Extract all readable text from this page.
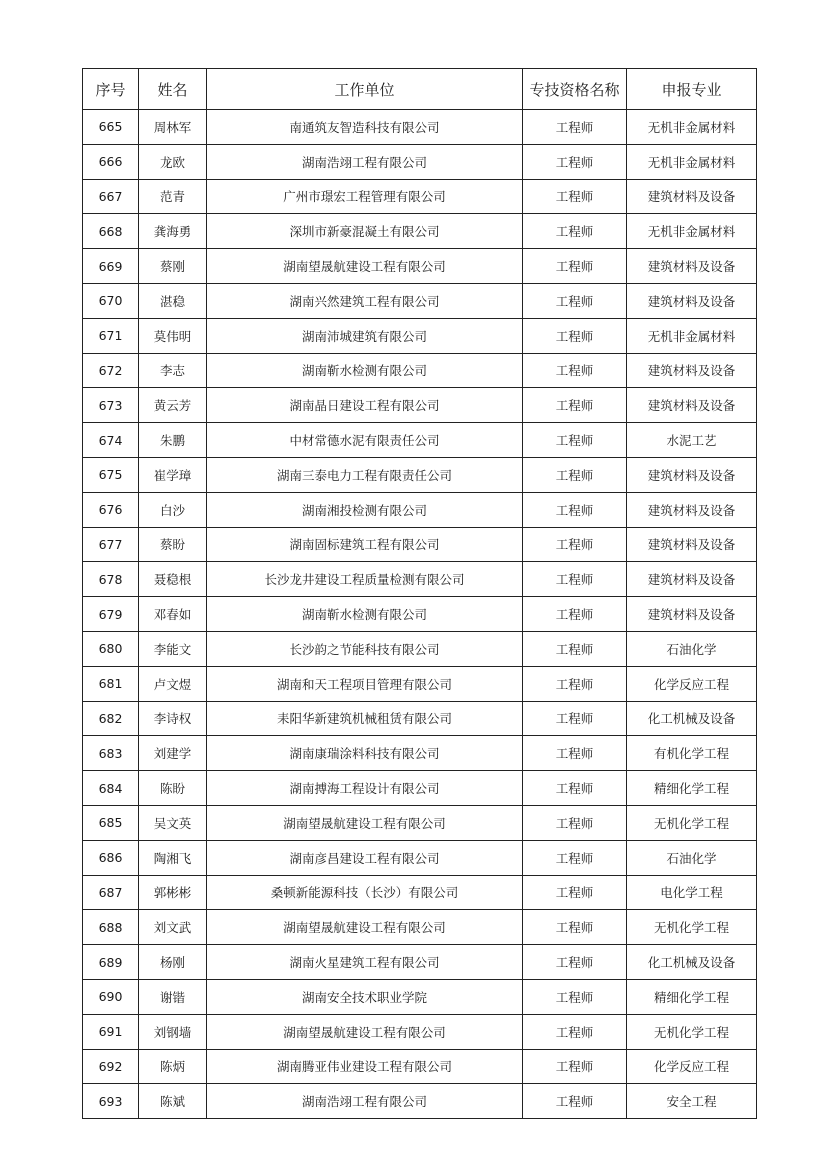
序号	姓名	工作单位	专技资格名称	申报专业
665	周林军	南通筑友智造科技有限公司	工程师	无机非金属材料
666	龙欧	湖南浩翊工程有限公司	工程师	无机非金属材料
667	范青	广州市璟宏工程管理有限公司	工程师	建筑材料及设备
668	龚海勇	深圳市新豪混凝土有限公司	工程师	无机非金属材料
669	蔡刚	湖南望晟航建设工程有限公司	工程师	建筑材料及设备
670	湛稳	湖南兴然建筑工程有限公司	工程师	建筑材料及设备
671	莫伟明	湖南沛城建筑有限公司	工程师	无机非金属材料
672	李志	湖南靳水检测有限公司	工程师	建筑材料及设备
673	黄云芳	湖南晶日建设工程有限公司	工程师	建筑材料及设备
674	朱鹏	中材常德水泥有限责任公司	工程师	水泥工艺
675	崔学璋	湖南三泰电力工程有限责任公司	工程师	建筑材料及设备
676	白沙	湖南湘投检测有限公司	工程师	建筑材料及设备
677	蔡盼	湖南固标建筑工程有限公司	工程师	建筑材料及设备
678	聂稳根	长沙龙井建设工程质量检测有限公司	工程师	建筑材料及设备
679	邓春如	湖南靳水检测有限公司	工程师	建筑材料及设备
680	李能文	长沙韵之节能科技有限公司	工程师	石油化学
681	卢文煜	湖南和天工程项目管理有限公司	工程师	化学反应工程
682	李诗权	耒阳华新建筑机械租赁有限公司	工程师	化工机械及设备
683	刘建学	湖南康瑞涂料科技有限公司	工程师	有机化学工程
684	陈盼	湖南搏海工程设计有限公司	工程师	精细化学工程
685	吴文英	湖南望晟航建设工程有限公司	工程师	无机化学工程
686	陶湘飞	湖南彦昌建设工程有限公司	工程师	石油化学
687	郭彬彬	桑顿新能源科技（长沙）有限公司	工程师	电化学工程
688	刘文武	湖南望晟航建设工程有限公司	工程师	无机化学工程
689	杨刚	湖南火星建筑工程有限公司	工程师	化工机械及设备
690	谢锴	湖南安全技术职业学院	工程师	精细化学工程
691	刘钢墙	湖南望晟航建设工程有限公司	工程师	无机化学工程
692	陈炳	湖南腾亚伟业建设工程有限公司	工程师	化学反应工程
693	陈斌	湖南浩翊工程有限公司	工程师	安全工程
